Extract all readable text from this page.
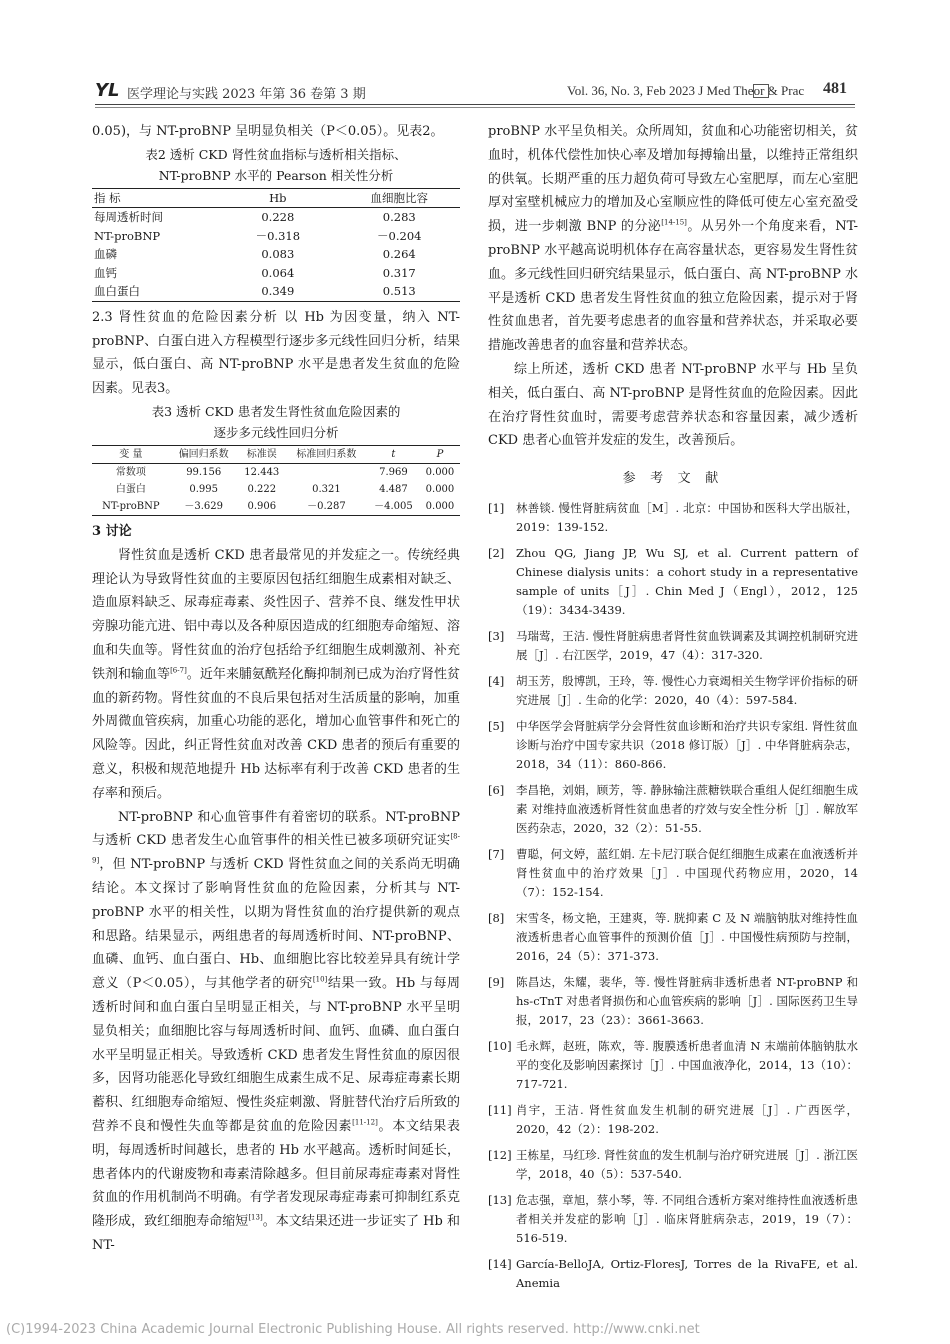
YL 医学理论与实践 2023 年第 36 卷第 3 期	Vol. 36, No. 3, Feb 2023 J Med Theor & Prac 481

0.05)，与 NT-proBNP 呈明显负相关（P＜0.05）。见表2。

表2 透析 CKD 肾性贫血指标与透析相关指标、
NT-proBNP 水平的 Pearson 相关性分析
指 标	Hb	血细胞比容
每周透析时间	0.228	0.283
NT-proBNP	－0.318	－0.204
血磷	0.083	0.264
血钙	0.064	0.317
血白蛋白	0.349	0.513

2.3 肾性贫血的危险因素分析 以 Hb 为因变量，纳入 NT-proBNP、白蛋白进入方程模型行逐步多元线性回归分析，结果显示，低白蛋白、高 NT-proBNP 水平是患者发生贫血的危险因素。见表3。

表3 透析 CKD 患者发生肾性贫血危险因素的
逐步多元线性回归分析
变 量	偏回归系数	标准误	标准回归系数	t	P
常数项	99.156	12.443		7.969	0.000
白蛋白	0.995	0.222	0.321	4.487	0.000
NT-proBNP	－3.629	0.906	－0.287	－4.005	0.000

3 讨论

肾性贫血是透析 CKD 患者最常见的并发症之一。传统经典理论认为导致肾性贫血的主要原因包括红细胞生成素相对缺乏、造血原料缺乏、尿毒症毒素、炎性因子、营养不良、继发性甲状旁腺功能亢进、铝中毒以及各种原因造成的红细胞寿命缩短、溶血和失血等。肾性贫血的治疗包括给予红细胞生成刺激剂、补充铁剂和输血等[6-7]。近年来脯氨酰羟化酶抑制剂已成为治疗肾性贫血的新药物。肾性贫血的不良后果包括对生活质量的影响，加重外周微血管疾病，加重心功能的恶化，增加心血管事件和死亡的风险等。因此，纠正肾性贫血对改善 CKD 患者的预后有重要的意义，积极和规范地提升 Hb 达标率有利于改善 CKD 患者的生存率和预后。

NT-proBNP 和心血管事件有着密切的联系。NT-proBNP 与透析 CKD 患者发生心血管事件的相关性已被多项研究证实[8-9]，但 NT-proBNP 与透析 CKD 肾性贫血之间的关系尚无明确结论。本文探讨了影响肾性贫血的危险因素，分析其与 NT-proBNP 水平的相关性，以期为肾性贫血的治疗提供新的观点和思路。结果显示，两组患者的每周透析时间、NT-proBNP、血磷、血钙、血白蛋白、Hb、血细胞比容比较差异具有统计学意义（P＜0.05），与其他学者的研究[10]结果一致。Hb 与每周透析时间和血白蛋白呈明显正相关，与 NT-proBNP 水平呈明显负相关；血细胞比容与每周透析时间、血钙、血磷、血白蛋白水平呈明显正相关。导致透析 CKD 患者发生肾性贫血的原因很多，因肾功能恶化导致红细胞生成素生成不足、尿毒症毒素长期蓄积、红细胞寿命缩短、慢性炎症刺激、肾脏替代治疗后所致的营养不良和慢性失血等都是贫血的危险因素[11-12]。本文结果表明，每周透析时间越长，患者的 Hb 水平越高。透析时间延长，患者体内的代谢废物和毒素清除越多。但目前尿毒症毒素对肾性贫血的作用机制尚不明确。有学者发现尿毒症毒素可抑制红系克隆形成，致红细胞寿命缩短[13]。本文结果还进一步证实了 Hb 和 NT-

proBNP 水平呈负相关。众所周知，贫血和心功能密切相关，贫血时，机体代偿性加快心率及增加每搏输出量，以维持正常组织的供氧。长期严重的压力超负荷可导致左心室肥厚，而左心室肥厚对室壁机械应力的增加及心室顺应性的降低可使左心室充盈受损，进一步刺激 BNP 的分泌[14-15]。从另外一个角度来看，NT-proBNP 水平越高说明机体存在高容量状态，更容易发生肾性贫血。多元线性回归研究结果显示，低白蛋白、高 NT-proBNP 水平是透析 CKD 患者发生肾性贫血的独立危险因素，提示对于肾性贫血患者，首先要考虑患者的血容量和营养状态，并采取必要措施改善患者的血容量和营养状态。

综上所述，透析 CKD 患者 NT-proBNP 水平与 Hb 呈负相关，低白蛋白、高 NT-proBNP 是肾性贫血的危险因素。因此在治疗肾性贫血时，需要考虑营养状态和容量因素，减少透析 CKD 患者心血管并发症的发生，改善预后。

参 考 文 献
[1]	林善锬. 慢性肾脏病贫血［M］. 北京：中国协和医科大学出版社，2019：139-152.
[2]	Zhou QG, Jiang JP, Wu SJ, et al. Current pattern of Chinese dialysis units：a cohort study in a representative sample of units［J］. Chin Med J（Engl），2012，125（19）：3434-3439.
[3]	马瑞莺，王洁. 慢性肾脏病患者肾性贫血铁调素及其调控机制研究进展［J］. 右江医学，2019，47（4）：317-320.
[4]	胡玉芳，殷博凯，王玲，等. 慢性心力衰竭相关生物学评价指标的研究进展［J］. 生命的化学：2020，40（4）：597-584.
[5]	中华医学会肾脏病学分会肾性贫血诊断和治疗共识专家组. 肾性贫血诊断与治疗中国专家共识（2018 修订版）［J］. 中华肾脏病杂志，2018，34（11）：860-866.
[6]	李昌艳，刘娟，顾芳，等. 静脉输注蔗糖铁联合重组人促红细胞生成素 对维持血液透析肾性贫血患者的疗效与安全性分析［J］. 解放军医药杂志，2020，32（2）：51-55.
[7]	曹聪，何文婷，蓝红娟. 左卡尼汀联合促红细胞生成素在血液透析并肾性贫血中的治疗效果［J］. 中国现代药物应用，2020，14（7）：152-154.
[8]	宋雪冬，杨文艳，王建爽，等. 胱抑素 C 及 N 端脑钠肽对维持性血液透析患者心血管事件的预测价值［J］. 中国慢性病预防与控制，2016，24（5）：371-373.
[9]	陈昌达，朱耀，裴华，等. 慢性肾脏病非透析患者 NT-proBNP 和 hs-cTnT 对患者肾损伤和心血管疾病的影响［J］. 国际医药卫生导报，2017，23（23）：3661-3663.
[10] 毛永辉，赵班，陈欢，等. 腹膜透析患者血清 N 末端前体脑钠肽水平的变化及影响因素探讨［J］. 中国血液净化，2014，13（10）：717-721.
[11] 肖宇，王洁. 肾性贫血发生机制的研究进展［J］. 广西医学，2020，42（2）：198-202.
[12] 王栋星，马红珍. 肾性贫血的发生机制与治疗研究进展［J］. 浙江医学，2018，40（5）：537-540.
[13] 危志强，章旭，蔡小琴，等. 不同组合透析方案对维持性血液透析患者相关并发症的影响［J］. 临床肾脏病杂志，2019，19（7）：516-519.
[14] García-BelloJA, Ortiz-FloresJ, Torres de la RivaFE, et al. Anemia
(C)1994-2023 China Academic Journal Electronic Publishing House. All rights reserved. http://www.cnki.net
